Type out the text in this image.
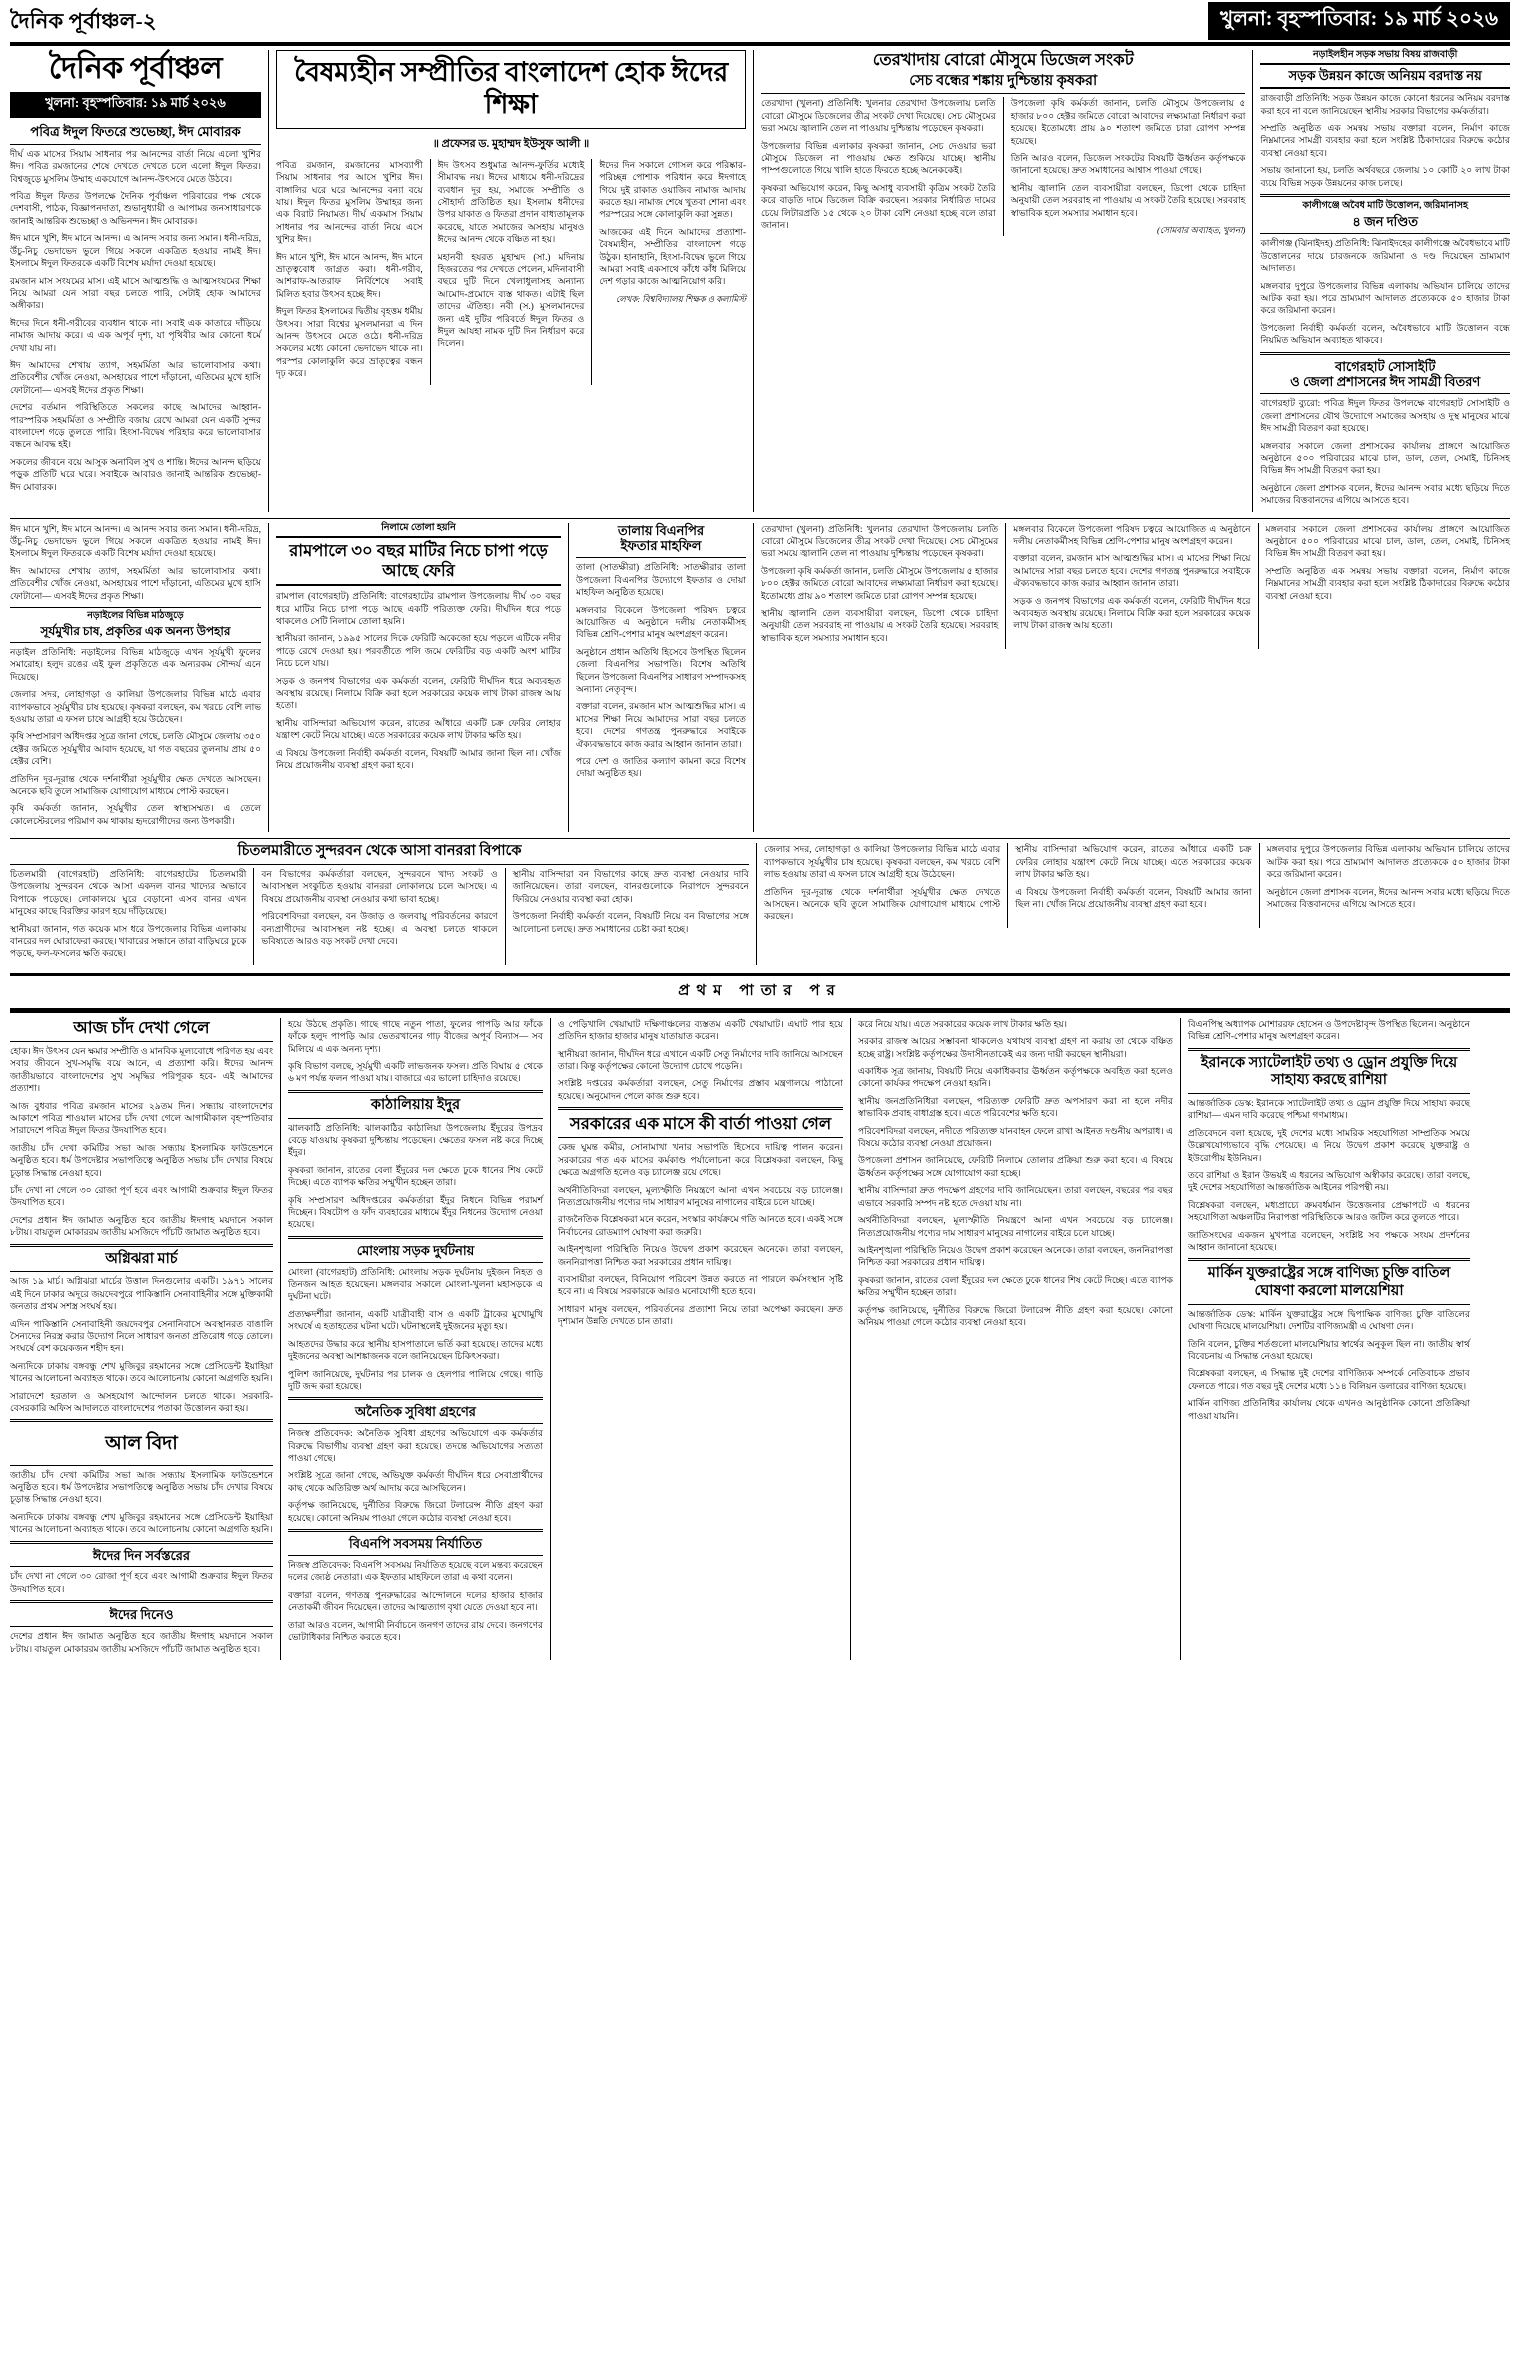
দৈনিক পূর্বাঞ্চল-২	খুলনা: বৃহস্পতিবার: ১৯ মার্চ ২০২৬
দৈনিক পূর্বাঞ্চল
খুলনা: বৃহস্পতিবার: ১৯ মার্চ ২০২৬
পবিত্র ঈদুল ফিতরে শুভেচ্ছা, ঈদ মোবারক

দীর্ঘ এক মাসের সিয়াম সাধনার পর আনন্দের বার্তা নিয়ে এলো খুশির ঈদ। পবিত্র রমজানের শেষে দেখতে দেখতে চলে এলো ঈদুল ফিতর। বিশ্বজুড়ে মুসলিম উম্মাহ একযোগে আনন্দ-উৎসবে মেতে উঠবে।

পবিত্র ঈদুল ফিতর উপলক্ষে দৈনিক পূর্বাঞ্চল পরিবারের পক্ষ থেকে দেশবাসী, পাঠক, বিজ্ঞাপনদাতা, শুভানুধ্যায়ী ও আপামর জনসাধারণকে জানাই আন্তরিক শুভেচ্ছা ও অভিনন্দন। ঈদ মোবারক।

ঈদ মানে খুশি, ঈদ মানে আনন্দ। এ আনন্দ সবার জন্য সমান। ধনী-দরিদ্র, উঁচু-নিচু ভেদাভেদ ভুলে গিয়ে সকলে একত্রিত হওয়ার নামই ঈদ। ইসলামে ঈদুল ফিতরকে একটি বিশেষ মর্যাদা দেওয়া হয়েছে।

রমজান মাস সংযমের মাস। এই মাসে আত্মশুদ্ধি ও আত্মসংযমের শিক্ষা নিয়ে আমরা যেন সারা বছর চলতে পারি, সেটাই হোক আমাদের অঙ্গীকার।

ঈদের দিনে ধনী-গরীবের ব্যবধান থাকে না। সবাই এক কাতারে দাঁড়িয়ে নামাজ আদায় করে। এ এক অপূর্ব দৃশ্য, যা পৃথিবীর আর কোনো ধর্মে দেখা যায় না।

ঈদ আমাদের শেখায় ত্যাগ, সহমর্মিতা আর ভালোবাসার কথা। প্রতিবেশীর খোঁজ নেওয়া, অসহায়ের পাশে দাঁড়ানো, এতিমের মুখে হাসি ফোটানো— এসবই ঈদের প্রকৃত শিক্ষা।

দেশের বর্তমান পরিস্থিতিতে সকলের কাছে আমাদের আহ্বান- পারস্পরিক সহমর্মিতা ও সম্প্রীতি বজায় রেখে আমরা যেন একটি সুন্দর বাংলাদেশ গড়ে তুলতে পারি। হিংসা-বিদ্বেষ পরিহার করে ভালোবাসার বন্ধনে আবদ্ধ হই।

সকলের জীবনে বয়ে আসুক অনাবিল সুখ ও শান্তি। ঈদের আনন্দ ছড়িয়ে পড়ুক প্রতিটি ঘরে ঘরে। সবাইকে আবারও জানাই আন্তরিক শুভেচ্ছা- ঈদ মোবারক।

বৈষম্যহীন সম্প্রীতির বাংলাদেশ হোক ঈদের শিক্ষা
॥ প্রফেসর ড. মুহাম্মদ ইউসুফ আলী ॥

পবিত্র রমজান, রমজানের মাসব্যাপী সিয়াম সাধনার পর আসে খুশির ঈদ। বাঙ্গালির ঘরে ঘরে আনন্দের বন্যা বয়ে যায়। ঈদুল ফিতর মুসলিম উম্মাহর জন্য এক বিরাট নিয়ামত। দীর্ঘ একমাস সিয়াম সাধনার পর আনন্দের বার্তা নিয়ে এসে খুশির ঈদ।

ঈদ মানে খুশি, ঈদ মানে আনন্দ, ঈদ মানে ভ্রাতৃত্ববোধ জাগ্রত করা। ধনী-গরীব, আশরাফ-আতরাফ নির্বিশেষে সবাই মিলিত হবার উৎসব হচ্ছে ঈদ।

ঈদুল ফিতর ইসলামের দ্বিতীয় বৃহত্তম ধর্মীয় উৎসব। সারা বিশ্বের মুসলমানরা এ দিন আনন্দ উৎসবে মেতে ওঠে। ধনী-দরিদ্র সকলের মধ্যে কোনো ভেদাভেদ থাকে না। পরস্পর কোলাকুলি করে ভ্রাতৃত্বের বন্ধন দৃঢ় করে।

ঈদ উৎসব শুধুমাত্র আনন্দ-ফুর্তির মধ্যেই সীমাবদ্ধ নয়। ঈদের মাধ্যমে ধনী-দরিদ্রের ব্যবধান দূর হয়, সমাজে সম্প্রীতি ও সৌহার্দ্য প্রতিষ্ঠিত হয়। ইসলাম ধনীদের উপর যাকাত ও ফিতরা প্রদান বাধ্যতামূলক করেছে, যাতে সমাজের অসহায় মানুষও ঈদের আনন্দ থেকে বঞ্চিত না হয়।

মহানবী হযরত মুহাম্মদ (সা.) মদিনায় হিজরতের পর দেখতে পেলেন, মদিনাবাসী বছরে দুটি দিনে খেলাধুলাসহ অন্যান্য আমোদ-প্রমোদে ব্যস্ত থাকত। এটাই ছিল তাদের ঐতিহ্য। নবী (স.) মুসলমানদের জন্য এই দুটির পরিবর্তে ঈদুল ফিতর ও ঈদুল আযহা নামক দুটি দিন নির্ধারণ করে দিলেন।

ঈদের দিন সকালে গোসল করে পরিষ্কার-পরিচ্ছন্ন পোশাক পরিধান করে ঈদগাহে গিয়ে দুই রাকাত ওয়াজিব নামাজ আদায় করতে হয়। নামাজ শেষে খুতবা শোনা এবং পরস্পরের সঙ্গে কোলাকুলি করা সুন্নত।

আজকের এই দিনে আমাদের প্রত্যাশা- বৈষম্যহীন, সম্প্রীতির বাংলাদেশ গড়ে উঠুক। হানাহানি, হিংসা-বিদ্বেষ ভুলে গিয়ে আমরা সবাই একসাথে কাঁধে কাঁধ মিলিয়ে দেশ গড়ার কাজে আত্মনিয়োগ করি।

লেখক: বিশ্ববিদ্যালয় শিক্ষক ও কলামিস্ট
তেরখাদায় বোরো মৌসুমে ডিজেল সংকট
সেচ বন্ধের শঙ্কায় দুশ্চিন্তায় কৃষকরা

তেরখাদা (খুলনা) প্রতিনিধি: খুলনার তেরখাদা উপজেলায় চলতি বোরো মৌসুমে ডিজেলের তীব্র সংকট দেখা দিয়েছে। সেচ মৌসুমের ভরা সময়ে জ্বালানি তেল না পাওয়ায় দুশ্চিন্তায় পড়েছেন কৃষকরা।

উপজেলার বিভিন্ন এলাকার কৃষকরা জানান, সেচ দেওয়ার ভরা মৌসুমে ডিজেল না পাওয়ায় ক্ষেত শুকিয়ে যাচ্ছে। স্থানীয় পাম্পগুলোতে গিয়ে খালি হাতে ফিরতে হচ্ছে অনেককেই।

কৃষকরা অভিযোগ করেন, কিছু অসাধু ব্যবসায়ী কৃত্রিম সংকট তৈরি করে বাড়তি দামে ডিজেল বিক্রি করছেন। সরকার নির্ধারিত দামের চেয়ে লিটারপ্রতি ১৫ থেকে ২০ টাকা বেশি নেওয়া হচ্ছে বলে তারা জানান।

উপজেলা কৃষি কর্মকর্তা জানান, চলতি মৌসুমে উপজেলায় ৫ হাজার ৮০০ হেক্টর জমিতে বোরো আবাদের লক্ষ্যমাত্রা নির্ধারণ করা হয়েছে। ইতোমধ্যে প্রায় ৯০ শতাংশ জমিতে চারা রোপণ সম্পন্ন হয়েছে।

তিনি আরও বলেন, ডিজেল সংকটের বিষয়টি ঊর্ধ্বতন কর্তৃপক্ষকে জানানো হয়েছে। দ্রুত সমাধানের আশ্বাস পাওয়া গেছে।

স্থানীয় জ্বালানি তেল ব্যবসায়ীরা বলছেন, ডিপো থেকে চাহিদা অনুযায়ী তেল সরবরাহ না পাওয়ায় এ সংকট তৈরি হয়েছে। সরবরাহ স্বাভাবিক হলে সমস্যার সমাধান হবে।

(সোমবার অব্যাহত, খুলনা)
নড়াইলহীন সড়ক সভায় বিষয় রাজবাড়ী
সড়ক উন্নয়ন কাজে অনিয়ম বরদাস্ত নয়

রাজবাড়ী প্রতিনিধি: সড়ক উন্নয়ন কাজে কোনো ধরনের অনিয়ম বরদাস্ত করা হবে না বলে জানিয়েছেন স্থানীয় সরকার বিভাগের কর্মকর্তারা।

সম্প্রতি অনুষ্ঠিত এক সমন্বয় সভায় বক্তারা বলেন, নির্মাণ কাজে নিম্নমানের সামগ্রী ব্যবহার করা হলে সংশ্লিষ্ট ঠিকাদারের বিরুদ্ধে কঠোর ব্যবস্থা নেওয়া হবে।

সভায় জানানো হয়, চলতি অর্থবছরে জেলায় ১০ কোটি ২০ লাখ টাকা ব্যয়ে বিভিন্ন সড়ক উন্নয়নের কাজ চলছে।

কালীগঞ্জে অবৈধ মাটি উত্তোলন, জরিমানাসহ
৪ জন দণ্ডিত

কালীগঞ্জ (ঝিনাইদহ) প্রতিনিধি: ঝিনাইদহের কালীগঞ্জে অবৈধভাবে মাটি উত্তোলনের দায়ে চারজনকে জরিমানা ও দণ্ড দিয়েছেন ভ্রাম্যমাণ আদালত।

মঙ্গলবার দুপুরে উপজেলার বিভিন্ন এলাকায় অভিযান চালিয়ে তাদের আটক করা হয়। পরে ভ্রাম্যমাণ আদালত প্রত্যেককে ৫০ হাজার টাকা করে জরিমানা করেন।

উপজেলা নির্বাহী কর্মকর্তা বলেন, অবৈধভাবে মাটি উত্তোলন বন্ধে নিয়মিত অভিযান অব্যাহত থাকবে।

বাগেরহাট সোসাইটি
ও জেলা প্রশাসনের ঈদ সামগ্রী বিতরণ

বাগেরহাট ব্যুরো: পবিত্র ঈদুল ফিতর উপলক্ষে বাগেরহাট সোসাইটি ও জেলা প্রশাসনের যৌথ উদ্যোগে সমাজের অসহায় ও দুস্থ মানুষের মাঝে ঈদ সামগ্রী বিতরণ করা হয়েছে।

মঙ্গলবার সকালে জেলা প্রশাসকের কার্যালয় প্রাঙ্গণে আয়োজিত অনুষ্ঠানে ৫০০ পরিবারের মাঝে চাল, ডাল, তেল, সেমাই, চিনিসহ বিভিন্ন ঈদ সামগ্রী বিতরণ করা হয়।

অনুষ্ঠানে জেলা প্রশাসক বলেন, ঈদের আনন্দ সবার মধ্যে ছড়িয়ে দিতে সমাজের বিত্তবানদের এগিয়ে আসতে হবে।

ঈদ মানে খুশি, ঈদ মানে আনন্দ। এ আনন্দ সবার জন্য সমান। ধনী-দরিদ্র, উঁচু-নিচু ভেদাভেদ ভুলে গিয়ে সকলে একত্রিত হওয়ার নামই ঈদ। ইসলামে ঈদুল ফিতরকে একটি বিশেষ মর্যাদা দেওয়া হয়েছে।

ঈদ আমাদের শেখায় ত্যাগ, সহমর্মিতা আর ভালোবাসার কথা। প্রতিবেশীর খোঁজ নেওয়া, অসহায়ের পাশে দাঁড়ানো, এতিমের মুখে হাসি ফোটানো— এসবই ঈদের প্রকৃত শিক্ষা।

নড়াইলের বিভিন্ন মাঠজুড়ে
সূর্যমুখীর চাষ, প্রকৃতির এক অনন্য উপহার

নড়াইল প্রতিনিধি: নড়াইলের বিভিন্ন মাঠজুড়ে এখন সূর্যমুখী ফুলের সমারোহ। হলুদ রঙের এই ফুল প্রকৃতিতে এক অন্যরকম সৌন্দর্য এনে দিয়েছে।

জেলার সদর, লোহাগড়া ও কালিয়া উপজেলার বিভিন্ন মাঠে এবার ব্যাপকভাবে সূর্যমুখীর চাষ হয়েছে। কৃষকরা বলছেন, কম খরচে বেশি লাভ হওয়ায় তারা এ ফসল চাষে আগ্রহী হয়ে উঠেছেন।

কৃষি সম্প্রসারণ অধিদপ্তর সূত্রে জানা গেছে, চলতি মৌসুমে জেলায় ৩৫০ হেক্টর জমিতে সূর্যমুখীর আবাদ হয়েছে, যা গত বছরের তুলনায় প্রায় ৫০ হেক্টর বেশি।

প্রতিদিন দূর-দূরান্ত থেকে দর্শনার্থীরা সূর্যমুখীর ক্ষেত দেখতে আসছেন। অনেকে ছবি তুলে সামাজিক যোগাযোগ মাধ্যমে পোস্ট করছেন।

কৃষি কর্মকর্তা জানান, সূর্যমুখীর তেল স্বাস্থ্যসম্মত। এ তেলে কোলেস্টেরলের পরিমাণ কম থাকায় হৃদরোগীদের জন্য উপকারী।

নিলামে তোলা হয়নি
রামপালে ৩০ বছর মাটির নিচে চাপা পড়ে আছে ফেরি

রামপাল (বাগেরহাট) প্রতিনিধি: বাগেরহাটের রামপাল উপজেলায় দীর্ঘ ৩০ বছর ধরে মাটির নিচে চাপা পড়ে আছে একটি পরিত্যক্ত ফেরি। দীর্ঘদিন ধরে পড়ে থাকলেও সেটি নিলামে তোলা হয়নি।

স্থানীয়রা জানান, ১৯৯৫ সালের দিকে ফেরিটি অকেজো হয়ে পড়লে এটিকে নদীর পাড়ে রেখে দেওয়া হয়। পরবর্তীতে পলি জমে ফেরিটির বড় একটি অংশ মাটির নিচে চলে যায়।

সড়ক ও জনপথ বিভাগের এক কর্মকর্তা বলেন, ফেরিটি দীর্ঘদিন ধরে অব্যবহৃত অবস্থায় রয়েছে। নিলামে বিক্রি করা হলে সরকারের কয়েক লাখ টাকা রাজস্ব আয় হতো।

স্থানীয় বাসিন্দারা অভিযোগ করেন, রাতের আঁধারে একটি চক্র ফেরির লোহার যন্ত্রাংশ কেটে নিয়ে যাচ্ছে। এতে সরকারের কয়েক লাখ টাকার ক্ষতি হয়।

এ বিষয়ে উপজেলা নির্বাহী কর্মকর্তা বলেন, বিষয়টি আমার জানা ছিল না। খোঁজ নিয়ে প্রয়োজনীয় ব্যবস্থা গ্রহণ করা হবে।

তালায় বিএনপির
ইফতার মাহফিল

তালা (সাতক্ষীরা) প্রতিনিধি: সাতক্ষীরার তালা উপজেলা বিএনপির উদ্যোগে ইফতার ও দোয়া মাহফিল অনুষ্ঠিত হয়েছে।

মঙ্গলবার বিকেলে উপজেলা পরিষদ চত্বরে আয়োজিত এ অনুষ্ঠানে দলীয় নেতাকর্মীসহ বিভিন্ন শ্রেণি-পেশার মানুষ অংশগ্রহণ করেন।

অনুষ্ঠানে প্রধান অতিথি হিসেবে উপস্থিত ছিলেন জেলা বিএনপির সভাপতি। বিশেষ অতিথি ছিলেন উপজেলা বিএনপির সাধারণ সম্পাদকসহ অন্যান্য নেতৃবৃন্দ।

বক্তারা বলেন, রমজান মাস আত্মশুদ্ধির মাস। এ মাসের শিক্ষা নিয়ে আমাদের সারা বছর চলতে হবে। দেশের গণতন্ত্র পুনরুদ্ধারে সবাইকে ঐক্যবদ্ধভাবে কাজ করার আহ্বান জানান তারা।

পরে দেশ ও জাতির কল্যাণ কামনা করে বিশেষ দোয়া অনুষ্ঠিত হয়।

তেরখাদা (খুলনা) প্রতিনিধি: খুলনার তেরখাদা উপজেলায় চলতি বোরো মৌসুমে ডিজেলের তীব্র সংকট দেখা দিয়েছে। সেচ মৌসুমের ভরা সময়ে জ্বালানি তেল না পাওয়ায় দুশ্চিন্তায় পড়েছেন কৃষকরা।

উপজেলা কৃষি কর্মকর্তা জানান, চলতি মৌসুমে উপজেলায় ৫ হাজার ৮০০ হেক্টর জমিতে বোরো আবাদের লক্ষ্যমাত্রা নির্ধারণ করা হয়েছে। ইতোমধ্যে প্রায় ৯০ শতাংশ জমিতে চারা রোপণ সম্পন্ন হয়েছে।

স্থানীয় জ্বালানি তেল ব্যবসায়ীরা বলছেন, ডিপো থেকে চাহিদা অনুযায়ী তেল সরবরাহ না পাওয়ায় এ সংকট তৈরি হয়েছে। সরবরাহ স্বাভাবিক হলে সমস্যার সমাধান হবে।

মঙ্গলবার বিকেলে উপজেলা পরিষদ চত্বরে আয়োজিত এ অনুষ্ঠানে দলীয় নেতাকর্মীসহ বিভিন্ন শ্রেণি-পেশার মানুষ অংশগ্রহণ করেন।

বক্তারা বলেন, রমজান মাস আত্মশুদ্ধির মাস। এ মাসের শিক্ষা নিয়ে আমাদের সারা বছর চলতে হবে। দেশের গণতন্ত্র পুনরুদ্ধারে সবাইকে ঐক্যবদ্ধভাবে কাজ করার আহ্বান জানান তারা।

সড়ক ও জনপথ বিভাগের এক কর্মকর্তা বলেন, ফেরিটি দীর্ঘদিন ধরে অব্যবহৃত অবস্থায় রয়েছে। নিলামে বিক্রি করা হলে সরকারের কয়েক লাখ টাকা রাজস্ব আয় হতো।

মঙ্গলবার সকালে জেলা প্রশাসকের কার্যালয় প্রাঙ্গণে আয়োজিত অনুষ্ঠানে ৫০০ পরিবারের মাঝে চাল, ডাল, তেল, সেমাই, চিনিসহ বিভিন্ন ঈদ সামগ্রী বিতরণ করা হয়।

সম্প্রতি অনুষ্ঠিত এক সমন্বয় সভায় বক্তারা বলেন, নির্মাণ কাজে নিম্নমানের সামগ্রী ব্যবহার করা হলে সংশ্লিষ্ট ঠিকাদারের বিরুদ্ধে কঠোর ব্যবস্থা নেওয়া হবে।

চিতলমারীতে সুন্দরবন থেকে আসা বানররা বিপাকে

চিতলমারী (বাগেরহাট) প্রতিনিধি: বাগেরহাটের চিতলমারী উপজেলায় সুন্দরবন থেকে আসা একদল বানর খাদ্যের অভাবে বিপাকে পড়েছে। লোকালয়ে ঘুরে বেড়ানো এসব বানর এখন মানুষের কাছে বিরক্তির কারণ হয়ে দাঁড়িয়েছে।

স্থানীয়রা জানান, গত কয়েক মাস ধরে উপজেলার বিভিন্ন এলাকায় বানরের দল ঘোরাফেরা করছে। খাবারের সন্ধানে তারা বাড়িঘরে ঢুকে পড়ছে, ফল-ফসলের ক্ষতি করছে।

বন বিভাগের কর্মকর্তারা বলছেন, সুন্দরবনে খাদ্য সংকট ও আবাসস্থল সংকুচিত হওয়ায় বানররা লোকালয়ে চলে আসছে। এ বিষয়ে প্রয়োজনীয় ব্যবস্থা নেওয়ার কথা ভাবা হচ্ছে।

পরিবেশবিদরা বলছেন, বন উজাড় ও জলবায়ু পরিবর্তনের কারণে বন্যপ্রাণীদের আবাসস্থল নষ্ট হচ্ছে। এ অবস্থা চলতে থাকলে ভবিষ্যতে আরও বড় সংকট দেখা দেবে।

স্থানীয় বাসিন্দারা বন বিভাগের কাছে দ্রুত ব্যবস্থা নেওয়ার দাবি জানিয়েছেন। তারা বলছেন, বানরগুলোকে নিরাপদে সুন্দরবনে ফিরিয়ে নেওয়ার ব্যবস্থা করা হোক।

উপজেলা নির্বাহী কর্মকর্তা বলেন, বিষয়টি নিয়ে বন বিভাগের সঙ্গে আলোচনা চলছে। দ্রুত সমাধানের চেষ্টা করা হচ্ছে।

জেলার সদর, লোহাগড়া ও কালিয়া উপজেলার বিভিন্ন মাঠে এবার ব্যাপকভাবে সূর্যমুখীর চাষ হয়েছে। কৃষকরা বলছেন, কম খরচে বেশি লাভ হওয়ায় তারা এ ফসল চাষে আগ্রহী হয়ে উঠেছেন।

প্রতিদিন দূর-দূরান্ত থেকে দর্শনার্থীরা সূর্যমুখীর ক্ষেত দেখতে আসছেন। অনেকে ছবি তুলে সামাজিক যোগাযোগ মাধ্যমে পোস্ট করছেন।

স্থানীয় বাসিন্দারা অভিযোগ করেন, রাতের আঁধারে একটি চক্র ফেরির লোহার যন্ত্রাংশ কেটে নিয়ে যাচ্ছে। এতে সরকারের কয়েক লাখ টাকার ক্ষতি হয়।

এ বিষয়ে উপজেলা নির্বাহী কর্মকর্তা বলেন, বিষয়টি আমার জানা ছিল না। খোঁজ নিয়ে প্রয়োজনীয় ব্যবস্থা গ্রহণ করা হবে।

মঙ্গলবার দুপুরে উপজেলার বিভিন্ন এলাকায় অভিযান চালিয়ে তাদের আটক করা হয়। পরে ভ্রাম্যমাণ আদালত প্রত্যেককে ৫০ হাজার টাকা করে জরিমানা করেন।

অনুষ্ঠানে জেলা প্রশাসক বলেন, ঈদের আনন্দ সবার মধ্যে ছড়িয়ে দিতে সমাজের বিত্তবানদের এগিয়ে আসতে হবে।

প্রথম পাতার পর
আজ চাঁদ দেখা গেলে

হোক। ঈদ উৎসব যেন ক্ষমার সম্প্রীতি ও মানবিক মূল্যবোধে পরিণত হয় এবং সবার জীবনে সুখ-সমৃদ্ধি বয়ে আনে, এ প্রত্যাশা করি। ঈদের আনন্দ জাতীয়ভাবে বাংলাদেশের সুখ সমৃদ্ধির পরিপূরক হবে- এই আমাদের প্রত্যাশা।

আজ বুধবার পবিত্র রমজান মাসের ২৯তম দিন। সন্ধ্যায় বাংলাদেশের আকাশে পবিত্র শাওয়াল মাসের চাঁদ দেখা গেলে আগামীকাল বৃহস্পতিবার সারাদেশে পবিত্র ঈদুল ফিতর উদযাপিত হবে।

জাতীয় চাঁদ দেখা কমিটির সভা আজ সন্ধ্যায় ইসলামিক ফাউন্ডেশনে অনুষ্ঠিত হবে। ধর্ম উপদেষ্টার সভাপতিত্বে অনুষ্ঠিত সভায় চাঁদ দেখার বিষয়ে চূড়ান্ত সিদ্ধান্ত নেওয়া হবে।

চাঁদ দেখা না গেলে ৩০ রোজা পূর্ণ হবে এবং আগামী শুক্রবার ঈদুল ফিতর উদযাপিত হবে।

দেশের প্রধান ঈদ জামাত অনুষ্ঠিত হবে জাতীয় ঈদগাহ ময়দানে সকাল ৮টায়। বায়তুল মোকাররম জাতীয় মসজিদে পাঁচটি জামাত অনুষ্ঠিত হবে।

অগ্নিঝরা মার্চ

আজ ১৯ মার্চ। অগ্নিঝরা মার্চের উত্তাল দিনগুলোর একটি। ১৯৭১ সালের এই দিনে ঢাকার অদূরে জয়দেবপুরে পাকিস্তানি সেনাবাহিনীর সঙ্গে মুক্তিকামী জনতার প্রথম সশস্ত্র সংঘর্ষ হয়।

এদিন পাকিস্তানি সেনাবাহিনী জয়দেবপুর সেনানিবাসে অবস্থানরত বাঙালি সৈন্যদের নিরস্ত্র করার উদ্যোগ নিলে সাধারণ জনতা প্রতিরোধ গড়ে তোলে। সংঘর্ষে বেশ কয়েকজন শহীদ হন।

অন্যদিকে ঢাকায় বঙ্গবন্ধু শেখ মুজিবুর রহমানের সঙ্গে প্রেসিডেন্ট ইয়াহিয়া খানের আলোচনা অব্যাহত থাকে। তবে আলোচনায় কোনো অগ্রগতি হয়নি।

সারাদেশে হরতাল ও অসহযোগ আন্দোলন চলতে থাকে। সরকারি-বেসরকারি অফিস আদালতে বাংলাদেশের পতাকা উত্তোলন করা হয়।

আল বিদা

জাতীয় চাঁদ দেখা কমিটির সভা আজ সন্ধ্যায় ইসলামিক ফাউন্ডেশনে অনুষ্ঠিত হবে। ধর্ম উপদেষ্টার সভাপতিত্বে অনুষ্ঠিত সভায় চাঁদ দেখার বিষয়ে চূড়ান্ত সিদ্ধান্ত নেওয়া হবে।

অন্যদিকে ঢাকায় বঙ্গবন্ধু শেখ মুজিবুর রহমানের সঙ্গে প্রেসিডেন্ট ইয়াহিয়া খানের আলোচনা অব্যাহত থাকে। তবে আলোচনায় কোনো অগ্রগতি হয়নি।

ঈদের দিন সর্বস্তরের

চাঁদ দেখা না গেলে ৩০ রোজা পূর্ণ হবে এবং আগামী শুক্রবার ঈদুল ফিতর উদযাপিত হবে।

ঈদের দিনেও

দেশের প্রধান ঈদ জামাত অনুষ্ঠিত হবে জাতীয় ঈদগাহ ময়দানে সকাল ৮টায়। বায়তুল মোকাররম জাতীয় মসজিদে পাঁচটি জামাত অনুষ্ঠিত হবে।

হয়ে উঠছে প্রকৃতি। গাছে গাছে নতুন পাতা, ফুলের পাপড়ি আর ফাঁকে ফাঁকে হলুদ পাপড়ি আর ভেতরখানের গাঢ় বীজের অপূর্ব বিন্যাস— সব মিলিয়ে এ এক অনন্য দৃশ্য।

কৃষি বিভাগ বলছে, সূর্যমুখী একটি লাভজনক ফসল। প্রতি বিঘায় ৫ থেকে ৬ মণ পর্যন্ত ফলন পাওয়া যায়। বাজারে এর ভালো চাহিদাও রয়েছে।

কাঠালিয়ায় ইদুর

ঝালকাঠি প্রতিনিধি: ঝালকাঠির কাঠালিয়া উপজেলায় ইঁদুরের উপদ্রব বেড়ে যাওয়ায় কৃষকরা দুশ্চিন্তায় পড়েছেন। ক্ষেতের ফসল নষ্ট করে দিচ্ছে ইঁদুর।

কৃষকরা জানান, রাতের বেলা ইঁদুরের দল ক্ষেতে ঢুকে ধানের শিষ কেটে দিচ্ছে। এতে ব্যাপক ক্ষতির সম্মুখীন হচ্ছেন তারা।

কৃষি সম্প্রসারণ অধিদপ্তরের কর্মকর্তারা ইঁদুর নিধনে বিভিন্ন পরামর্শ দিচ্ছেন। বিষটোপ ও ফাঁদ ব্যবহারের মাধ্যমে ইঁদুর নিধনের উদ্যোগ নেওয়া হয়েছে।

মোংলায় সড়ক দুর্ঘটনায়

মোংলা (বাগেরহাট) প্রতিনিধি: মোংলায় সড়ক দুর্ঘটনায় দুইজন নিহত ও তিনজন আহত হয়েছেন। মঙ্গলবার সকালে মোংলা-খুলনা মহাসড়কে এ দুর্ঘটনা ঘটে।

প্রত্যক্ষদর্শীরা জানান, একটি যাত্রীবাহী বাস ও একটি ট্রাকের মুখোমুখি সংঘর্ষে এ হতাহতের ঘটনা ঘটে। ঘটনাস্থলেই দুইজনের মৃত্যু হয়।

আহতদের উদ্ধার করে স্থানীয় হাসপাতালে ভর্তি করা হয়েছে। তাদের মধ্যে দুইজনের অবস্থা আশঙ্কাজনক বলে জানিয়েছেন চিকিৎসকরা।

পুলিশ জানিয়েছে, দুর্ঘটনার পর চালক ও হেলপার পালিয়ে গেছে। গাড়ি দুটি জব্দ করা হয়েছে।

অনৈতিক সুবিধা গ্রহণের

নিজস্ব প্রতিবেদক: অনৈতিক সুবিধা গ্রহণের অভিযোগে এক কর্মকর্তার বিরুদ্ধে বিভাগীয় ব্যবস্থা গ্রহণ করা হয়েছে। তদন্তে অভিযোগের সত্যতা পাওয়া গেছে।

সংশ্লিষ্ট সূত্রে জানা গেছে, অভিযুক্ত কর্মকর্তা দীর্ঘদিন ধরে সেবাপ্রার্থীদের কাছ থেকে অতিরিক্ত অর্থ আদায় করে আসছিলেন।

কর্তৃপক্ষ জানিয়েছে, দুর্নীতির বিরুদ্ধে জিরো টলারেন্স নীতি গ্রহণ করা হয়েছে। কোনো অনিয়ম পাওয়া গেলে কঠোর ব্যবস্থা নেওয়া হবে।

বিএনপি সবসময় নির্যাতিত

নিজস্ব প্রতিবেদক: বিএনপি সবসময় নির্যাতিত হয়েছে বলে মন্তব্য করেছেন দলের জ্যেষ্ঠ নেতারা। এক ইফতার মাহফিলে তারা এ কথা বলেন।

বক্তারা বলেন, গণতন্ত্র পুনরুদ্ধারের আন্দোলনে দলের হাজার হাজার নেতাকর্মী জীবন দিয়েছেন। তাদের আত্মত্যাগ বৃথা যেতে দেওয়া হবে না।

তারা আরও বলেন, আগামী নির্বাচনে জনগণ তাদের রায় দেবে। জনগণের ভোটাধিকার নিশ্চিত করতে হবে।

ও পেড়িখালি খেয়াঘাট দক্ষিণাঞ্চলের ব্যস্ততম একটি খেয়াঘাট। এঘাট পার হয়ে প্রতিদিন হাজার হাজার মানুষ যাতায়াত করেন।

স্থানীয়রা জানান, দীর্ঘদিন ধরে এখানে একটি সেতু নির্মাণের দাবি জানিয়ে আসছেন তারা। কিন্তু কর্তৃপক্ষের কোনো উদ্যোগ চোখে পড়েনি।

সংশ্লিষ্ট দপ্তরের কর্মকর্তারা বলছেন, সেতু নির্মাণের প্রস্তাব মন্ত্রণালয়ে পাঠানো হয়েছে। অনুমোদন পেলে কাজ শুরু হবে।

সরকারের এক মাসে কী বার্তা পাওয়া গেল

কেন্দ্র ঘুমন্ত কমীর, সোনামাখা খনার সভাপতি হিসেবে দায়িত্ব পালন করেন। সরকারের গত এক মাসের কর্মকাণ্ড পর্যালোচনা করে বিশ্লেষকরা বলছেন, কিছু ক্ষেত্রে অগ্রগতি হলেও বড় চ্যালেঞ্জ রয়ে গেছে।

অর্থনীতিবিদরা বলছেন, মূল্যস্ফীতি নিয়ন্ত্রণে আনা এখন সবচেয়ে বড় চ্যালেঞ্জ। নিত্যপ্রয়োজনীয় পণ্যের দাম সাধারণ মানুষের নাগালের বাইরে চলে যাচ্ছে।

রাজনৈতিক বিশ্লেষকরা মনে করেন, সংস্কার কার্যক্রমে গতি আনতে হবে। একই সঙ্গে নির্বাচনের রোডম্যাপ ঘোষণা করা জরুরি।

আইনশৃঙ্খলা পরিস্থিতি নিয়েও উদ্বেগ প্রকাশ করেছেন অনেকে। তারা বলছেন, জননিরাপত্তা নিশ্চিত করা সরকারের প্রধান দায়িত্ব।

ব্যবসায়ীরা বলছেন, বিনিয়োগ পরিবেশ উন্নত করতে না পারলে কর্মসংস্থান সৃষ্টি হবে না। এ বিষয়ে সরকারকে আরও মনোযোগী হতে হবে।

সাধারণ মানুষ বলছেন, পরিবর্তনের প্রত্যাশা নিয়ে তারা অপেক্ষা করছেন। দ্রুত দৃশ্যমান উন্নতি দেখতে চান তারা।

করে নিয়ে যায়। এতে সরকারের কয়েক লাখ টাকার ক্ষতি হয়।

সরকার রাজস্ব আয়ের সম্ভাবনা থাকলেও যথাযথ ব্যবস্থা গ্রহণ না করায় তা থেকে বঞ্চিত হচ্ছে রাষ্ট্র। সংশ্লিষ্ট কর্তৃপক্ষের উদাসীনতাকেই এর জন্য দায়ী করছেন স্থানীয়রা।

একাধিক সূত্র জানায়, বিষয়টি নিয়ে একাধিকবার ঊর্ধ্বতন কর্তৃপক্ষকে অবহিত করা হলেও কোনো কার্যকর পদক্ষেপ নেওয়া হয়নি।

স্থানীয় জনপ্রতিনিধিরা বলছেন, পরিত্যক্ত ফেরিটি দ্রুত অপসারণ করা না হলে নদীর স্বাভাবিক প্রবাহ বাধাগ্রস্ত হবে। এতে পরিবেশের ক্ষতি হবে।

পরিবেশবিদরা বলছেন, নদীতে পরিত্যক্ত যানবাহন ফেলে রাখা আইনত দণ্ডনীয় অপরাধ। এ বিষয়ে কঠোর ব্যবস্থা নেওয়া প্রয়োজন।

উপজেলা প্রশাসন জানিয়েছে, ফেরিটি নিলামে তোলার প্রক্রিয়া শুরু করা হবে। এ বিষয়ে ঊর্ধ্বতন কর্তৃপক্ষের সঙ্গে যোগাযোগ করা হচ্ছে।

স্থানীয় বাসিন্দারা দ্রুত পদক্ষেপ গ্রহণের দাবি জানিয়েছেন। তারা বলছেন, বছরের পর বছর এভাবে সরকারি সম্পদ নষ্ট হতে দেওয়া যায় না।

অর্থনীতিবিদরা বলছেন, মূল্যস্ফীতি নিয়ন্ত্রণে আনা এখন সবচেয়ে বড় চ্যালেঞ্জ। নিত্যপ্রয়োজনীয় পণ্যের দাম সাধারণ মানুষের নাগালের বাইরে চলে যাচ্ছে।

আইনশৃঙ্খলা পরিস্থিতি নিয়েও উদ্বেগ প্রকাশ করেছেন অনেকে। তারা বলছেন, জননিরাপত্তা নিশ্চিত করা সরকারের প্রধান দায়িত্ব।

কৃষকরা জানান, রাতের বেলা ইঁদুরের দল ক্ষেতে ঢুকে ধানের শিষ কেটে দিচ্ছে। এতে ব্যাপক ক্ষতির সম্মুখীন হচ্ছেন তারা।

কর্তৃপক্ষ জানিয়েছে, দুর্নীতির বিরুদ্ধে জিরো টলারেন্স নীতি গ্রহণ করা হয়েছে। কোনো অনিয়ম পাওয়া গেলে কঠোর ব্যবস্থা নেওয়া হবে।

বিএনপিস্থ অধ্যাপক মোশাররফ হোসেন ও উপদেষ্টাবৃন্দ উপস্থিত ছিলেন। অনুষ্ঠানে বিভিন্ন শ্রেণি-পেশার মানুষ অংশগ্রহণ করেন।

ইরানকে স্যাটেলাইট তথ্য ও ড্রোন প্রযুক্তি দিয়ে সাহায্য করছে রাশিয়া

আন্তর্জাতিক ডেস্ক: ইরানকে স্যাটেলাইট তথ্য ও ড্রোন প্রযুক্তি দিয়ে সাহায্য করছে রাশিয়া— এমন দাবি করেছে পশ্চিমা গণমাধ্যম।

প্রতিবেদনে বলা হয়েছে, দুই দেশের মধ্যে সামরিক সহযোগিতা সাম্প্রতিক সময়ে উল্লেখযোগ্যভাবে বৃদ্ধি পেয়েছে। এ নিয়ে উদ্বেগ প্রকাশ করেছে যুক্তরাষ্ট্র ও ইউরোপীয় ইউনিয়ন।

তবে রাশিয়া ও ইরান উভয়ই এ ধরনের অভিযোগ অস্বীকার করেছে। তারা বলছে, দুই দেশের সহযোগিতা আন্তর্জাতিক আইনের পরিপন্থী নয়।

বিশ্লেষকরা বলছেন, মধ্যপ্রাচ্যে ক্রমবর্ধমান উত্তেজনার প্রেক্ষাপটে এ ধরনের সহযোগিতা অঞ্চলটির নিরাপত্তা পরিস্থিতিকে আরও জটিল করে তুলতে পারে।

জাতিসংঘের একজন মুখপাত্র বলেছেন, সংশ্লিষ্ট সব পক্ষকে সংযম প্রদর্শনের আহ্বান জানানো হয়েছে।

মার্কিন যুক্তরাষ্ট্রের সঙ্গে বাণিজ্য চুক্তি বাতিল ঘোষণা করলো মালয়েশিয়া

আন্তর্জাতিক ডেস্ক: মার্কিন যুক্তরাষ্ট্রের সঙ্গে দ্বিপাক্ষিক বাণিজ্য চুক্তি বাতিলের ঘোষণা দিয়েছে মালয়েশিয়া। দেশটির বাণিজ্যমন্ত্রী এ ঘোষণা দেন।

তিনি বলেন, চুক্তির শর্তগুলো মালয়েশিয়ার স্বার্থের অনুকূল ছিল না। জাতীয় স্বার্থ বিবেচনায় এ সিদ্ধান্ত নেওয়া হয়েছে।

বিশ্লেষকরা বলছেন, এ সিদ্ধান্ত দুই দেশের বাণিজ্যিক সম্পর্কে নেতিবাচক প্রভাব ফেলতে পারে। গত বছর দুই দেশের মধ্যে ১১৪ বিলিয়ন ডলারের বাণিজ্য হয়েছে।

মার্কিন বাণিজ্য প্রতিনিধির কার্যালয় থেকে এখনও আনুষ্ঠানিক কোনো প্রতিক্রিয়া পাওয়া যায়নি।
